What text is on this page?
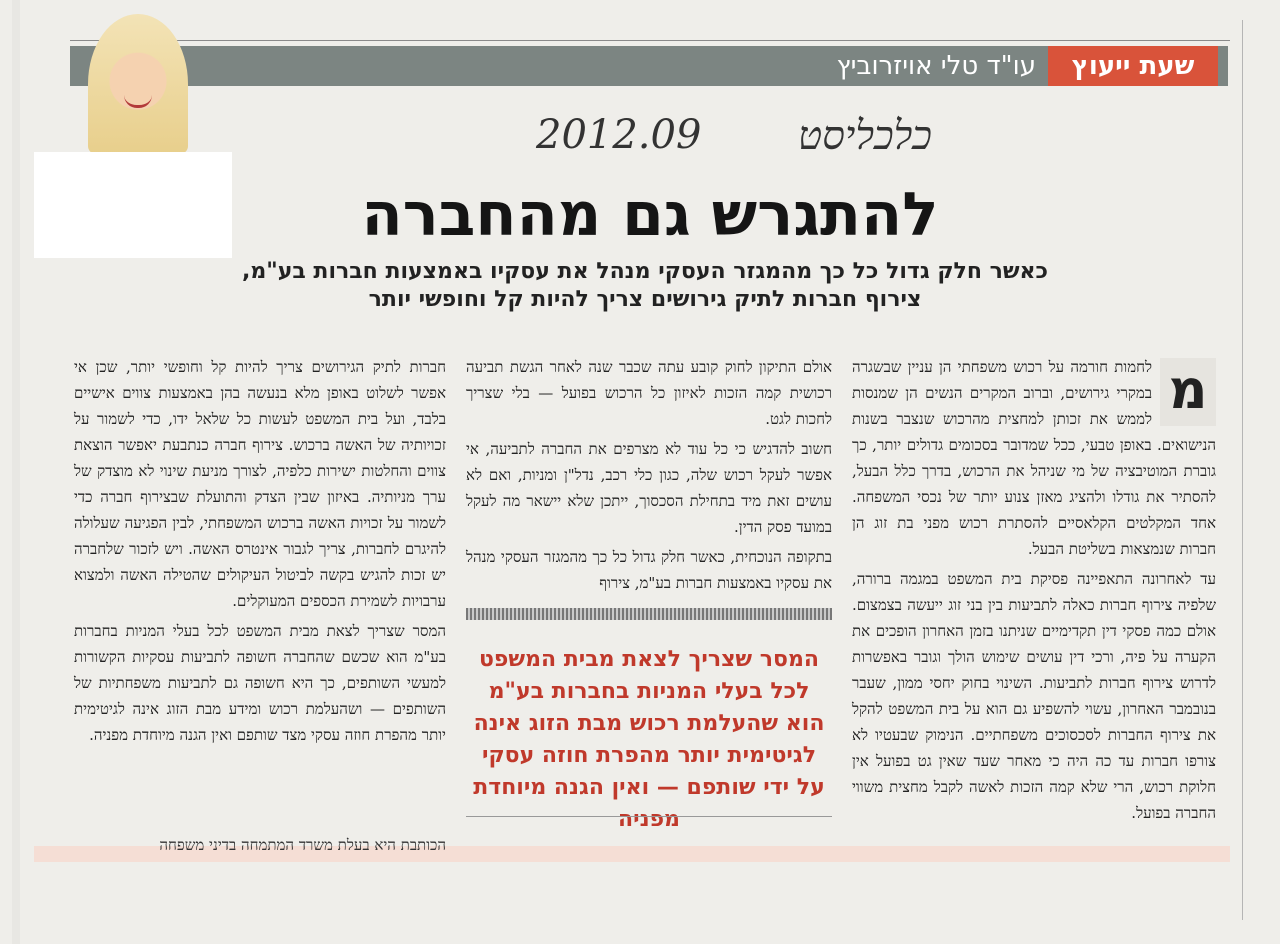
שעת ייעוץ
עו"ד טלי אויזרוביץ
2012.09 כלכליסט
להתגרש גם מהחברה
כאשר חלק גדול כל כך מהמגזר העסקי מנהל את עסקיו באמצעות חברות בע"מ,
צירוף חברות לתיק גירושים צריך להיות קל וחופשי יותר
מ

לחמות חורמה על רכוש משפחתי הן עניין שבשגרה במקרי גירושים, וברוב המקרים הנשים הן שמנסות לממש את זכותן למחצית מהרכוש שנצבר בשנות הנישואים. באופן טבעי, ככל שמדובר בסכומים גדולים יותר, כך גוברת המוטיבציה של מי שניהל את הרכוש, בדרך כלל הבעל, להסתיר את גודלו ולהציג מאזן צנוע יותר של נכסי המשפחה. אחד המקלטים הקלאסיים להסתרת רכוש מפני בת זוג הן חברות שנמצאות בשליטת הבעל.

עד לאחרונה התאפיינה פסיקת בית המשפט במגמה ברורה, שלפיה צירוף חברות כאלה לתביעות בין בני זוג ייעשה בצמצום. אולם כמה פסקי דין תקדימיים שניתנו בזמן האחרון הופכים את הקערה על פיה, ורכי דין עושים שימוש הולך וגובר באפשרות לדרוש צירוף חברות לתביעות. השינוי בחוק יחסי ממון, שעבר בנובמבר האחרון, עשוי להשפיע גם הוא על בית המשפט להקל את צירוף החברות לסכסוכים משפחתיים. הנימוק שבעטיו לא צורפו חברות עד כה היה כי מאחר שעד שאין גט בפועל אין חלוקת רכוש, הרי שלא קמה הזכות לאשה לקבל מחצית משווי החברה בפועל.

אולם התיקון לחוק קובע עתה שכבר שנה לאחר הגשת תביעה רכושית קמה הזכות לאיזון כל הרכוש בפועל — בלי שצריך לחכות לגט.

חשוב להדגיש כי כל עוד לא מצרפים את החברה לתביעה, אי אפשר לעקל רכוש שלה, כגון כלי רכב, נדל"ן ומניות, ואם לא עושים זאת מיד בתחילת הסכסוך, ייתכן שלא יישאר מה לעקל במועד פסק הדין.

בתקופה הנוכחית, כאשר חלק גדול כל כך מהמגזר העסקי מנהל את עסקיו באמצעות חברות בע"מ, צירוף

המסר שצריך לצאת מבית המשפט לכל בעלי המניות בחברות בע"מ הוא שהעלמת רכוש מבת הזוג אינה לגיטימית יותר מהפרת חוזה עסקי על ידי שותפם — ואין הגנה מיוחדת מפניה

חברות לתיק הגירושים צריך להיות קל וחופשי יותר, שכן אי אפשר לשלוט באופן מלא בנעשה בהן באמצעות צווים אישיים בלבד, ועל בית המשפט לעשות כל שלאל ידו, כדי לשמור על זכויותיה של האשה ברכוש. צירוף חברה כנתבעת יאפשר הוצאת צווים והחלטות ישירות כלפיה, לצורך מניעת שינוי לא מוצדק של ערך מניותיה. באיזון שבין הצדק והתועלת שבצירוף חברה כדי לשמור על זכויות האשה ברכוש המשפחתי, לבין הפגיעה שעלולה להיגרם לחברות, צריך לגבור אינטרס האשה. ויש לזכור שלחברה יש זכות להגיש בקשה לביטול העיקולים שהטילה האשה ולמצוא ערבויות לשמירת הכספים המעוקלים.

המסר שצריך לצאת מבית המשפט לכל בעלי המניות בחברות בע"מ הוא שכשם שהחברה חשופה לתביעות עסקיות הקשורות למעשי השותפים, כך היא חשופה גם לתביעות משפחתיות של השותפים — ושהעלמת רכוש ומידע מבת הזוג אינה לגיטימית יותר מהפרת חוזה עסקי מצד שותפם ואין הגנה מיוחדת מפניה.

הכותבת היא בעלת משרד המתמחה בדיני משפחה
